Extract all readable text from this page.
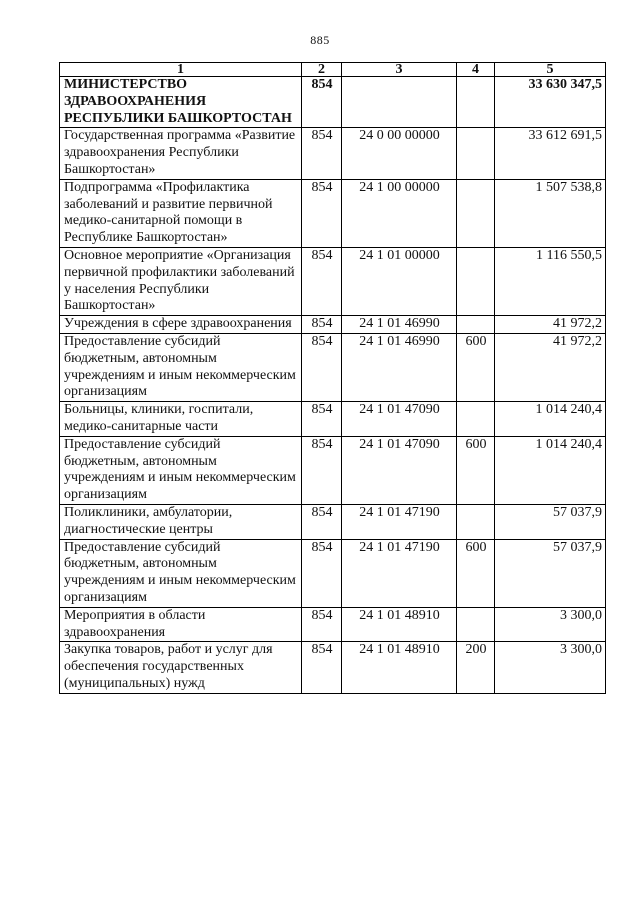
885
1	2	3	4	5
МИНИСТЕРСТВО ЗДРАВООХРАНЕНИЯ РЕСПУБЛИКИ БАШКОРТОСТАН	854			33 630 347,5
Государственная программа «Развитие здравоохранения Республики Башкортостан»	854	24 0 00 00000		33 612 691,5
Подпрограмма «Профилактика заболеваний и развитие первичной медико-санитарной помощи в Республике Башкортостан»	854	24 1 00 00000		1 507 538,8
Основное мероприятие «Организация первичной профилактики заболеваний у населения Республики Башкортостан»	854	24 1 01 00000		1 116 550,5
Учреждения в сфере здравоохранения	854	24 1 01 46990		41 972,2
Предоставление субсидий бюджетным, автономным учреждениям и иным некоммерческим организациям	854	24 1 01 46990	600	41 972,2
Больницы, клиники, госпитали, медико-санитарные части	854	24 1 01 47090		1 014 240,4
Предоставление субсидий бюджетным, автономным учреждениям и иным некоммерческим организациям	854	24 1 01 47090	600	1 014 240,4
Поликлиники, амбулатории, диагностические центры	854	24 1 01 47190		57 037,9
Предоставление субсидий бюджетным, автономным учреждениям и иным некоммерческим организациям	854	24 1 01 47190	600	57 037,9
Мероприятия в области здравоохранения	854	24 1 01 48910		3 300,0
Закупка товаров, работ и услуг для обеспечения государственных (муниципальных) нужд	854	24 1 01 48910	200	3 300,0
